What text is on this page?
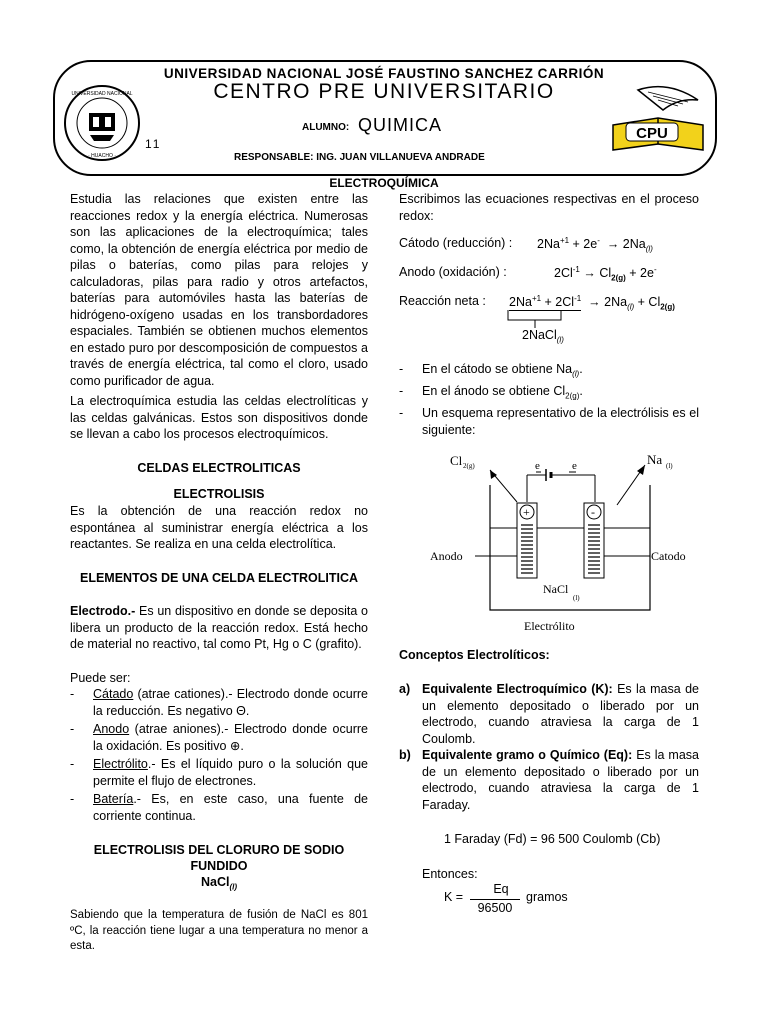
UNIVERSIDAD NACIONAL
· HUACHO ·
CPU
UNIVERSIDAD NACIONAL JOSÉ FAUSTINO SANCHEZ CARRIÓN
CENTRO PRE UNIVERSITARIO
ALUMNO: QUIMICA
11
RESPONSABLE: ING. JUAN VILLANUEVA ANDRADE
ELECTROQUÍMICA
Estudia las relaciones que existen entre las reacciones redox y la energía eléctrica. Numerosas son las aplicaciones de la electroquímica; tales como, la obtención de energía eléctrica por medio de pilas o baterías, como pilas para relojes y calculadoras, pilas para radio y otros artefactos, baterías para automóviles hasta las baterías de hidrógeno-oxígeno usadas en los transbordadores espaciales. También se obtienen muchos elementos en estado puro por descomposición de compuestos a través de energía eléctrica, tal como el cloro, usado como purificador de agua.
La electroquímica estudia las celdas electrolíticas y las celdas galvánicas. Estos son dispositivos donde se llevan a cabo los procesos electroquímicos.
CELDAS ELECTROLITICAS
ELECTROLISIS
Es la obtención de una reacción redox no espontánea al suministrar energía eléctrica a los reactantes. Se realiza en una celda electrolítica.
ELEMENTOS DE UNA CELDA ELECTROLITICA
Electrodo.- Es un dispositivo en donde se deposita o libera un producto de la reacción redox. Está hecho de material no reactivo, tal como Pt, Hg o C (grafito).
Puede ser:
- Cátado (atrae cationes).- Electrodo donde ocurre la reducción. Es negativo Θ.
- Anodo (atrae aniones).- Electrodo donde ocurre la oxidación. Es positivo ⊕.
- Electrólito.- Es el líquido puro o la solución que permite el flujo de electrones.
- Batería.- Es, en este caso, una fuente de corriente continua.
ELECTROLISIS DEL CLORURO DE SODIO
FUNDIDO
NaCl$_{(l)}$
Sabiendo que la temperatura de fusión de NaCl es 801 ºC, la reacción tiene lugar a una temperatura no menor a esta.
Escribimos las ecuaciones respectivas en el proceso redox:
Cátodo (reducción) : $2Na^{+1} + 2e^- \to 2Na_{(l)}$
Anodo (oxidación) :	$2Cl^{-1} \to Cl_{2(g)} + 2e^-$
Reacción neta : $2Na^{+1} + 2Cl^{-1} \to 2Na_{(l)} + Cl_{2(g)}$
2NaCl$_{(l)}$
- En el cátodo se obtiene $Na_{(l)}$.
- En el ánodo se obtiene $Cl_{2(g)}$.
- Un esquema representativo de la electrólisis es el siguiente:
Cl 2(g)	Na (l)
e	e
+	-
Anodo	Catodo
NaCl
(l)
Electrólito
Conceptos Electrolíticos:
a) Equivalente Electroquímico (K): Es la masa de un elemento depositado o liberado por un electrodo, cuando atraviesa la carga de 1 Coulomb.
b) Equivalente gramo o Químico (Eq): Es la masa de un elemento depositado o liberado por un electrodo, cuando atraviesa la carga de 1 Faraday.
1 Faraday (Fd) = 96 500 Coulomb (Cb)
Entonces:
K =
Eq
96500
gramos
